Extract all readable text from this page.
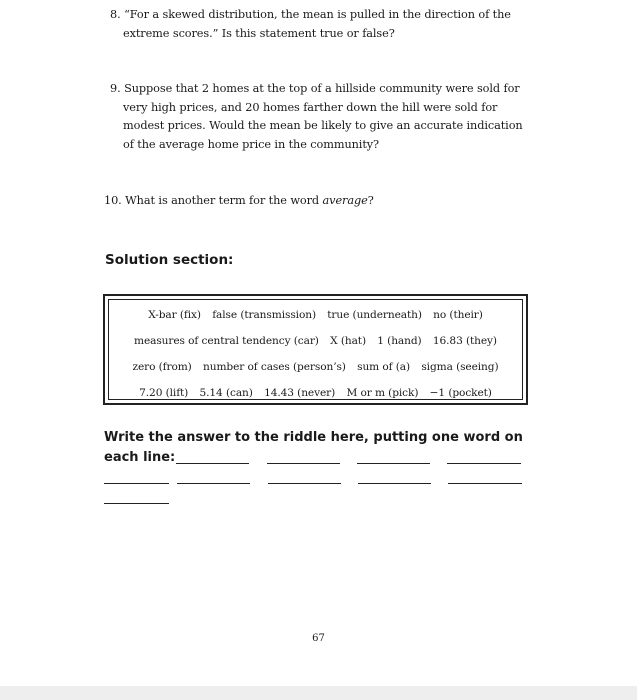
8. “For a skewed distribution, the mean is pulled in the direction of the extreme scores.” Is this statement true or false?
9. Suppose that 2 homes at the top of a hillside community were sold for very high prices, and 20 homes farther down the hill were sold for modest prices. Would the mean be likely to give an accurate indication of the average home price in the community?
10. What is another term for the word average?
Solution section:
X-bar (fix) false (transmission) true (underneath) no (their)
measures of central tendency (car) X (hat) 1 (hand) 16.83 (they)
zero (from) number of cases (person’s) sum of (a) sigma (seeing)
7.20 (lift) 5.14 (can) 14.43 (never) M or m (pick) −1 (pocket)
Write the answer to the riddle here, putting one word on each line:
67
